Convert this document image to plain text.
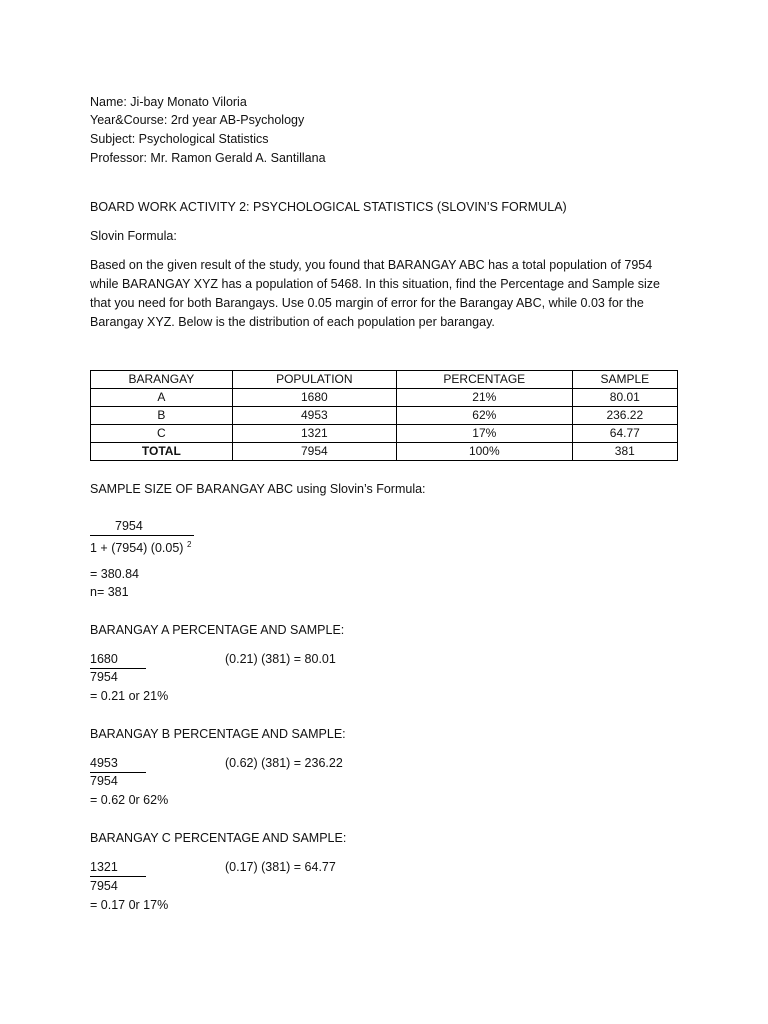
Name: Ji-bay Monato Viloria
Year&Course: 2rd year AB-Psychology
Subject: Psychological Statistics
Professor: Mr. Ramon Gerald A. Santillana
BOARD WORK ACTIVITY 2: PSYCHOLOGICAL STATISTICS (SLOVIN’S FORMULA)
Slovin Formula:
Based on the given result of the study, you found that BARANGAY ABC has a total population of 7954 while BARANGAY XYZ has a population of 5468. In this situation, find the Percentage and Sample size that you need for both Barangays. Use 0.05 margin of error for the Barangay ABC, while 0.03 for the Barangay XYZ. Below is the distribution of each population per barangay.
BARANGAY	POPULATION	PERCENTAGE	SAMPLE
A	1680	21%	80.01
B	4953	62%	236.22
C	1321	17%	64.77
TOTAL	7954	100%	381
SAMPLE SIZE OF BARANGAY ABC using Slovin’s Formula:
7954
1 + (7954) (0.05) $^2$
= 380.84
n= 381
BARANGAY A PERCENTAGE AND SAMPLE:
1680	(0.21) (381) = 80.01
7954
= 0.21 or 21%
BARANGAY B PERCENTAGE AND SAMPLE:
4953	(0.62) (381) = 236.22
7954
= 0.62 0r 62%
BARANGAY C PERCENTAGE AND SAMPLE:
1321	(0.17) (381) = 64.77
7954
= 0.17 0r 17%
